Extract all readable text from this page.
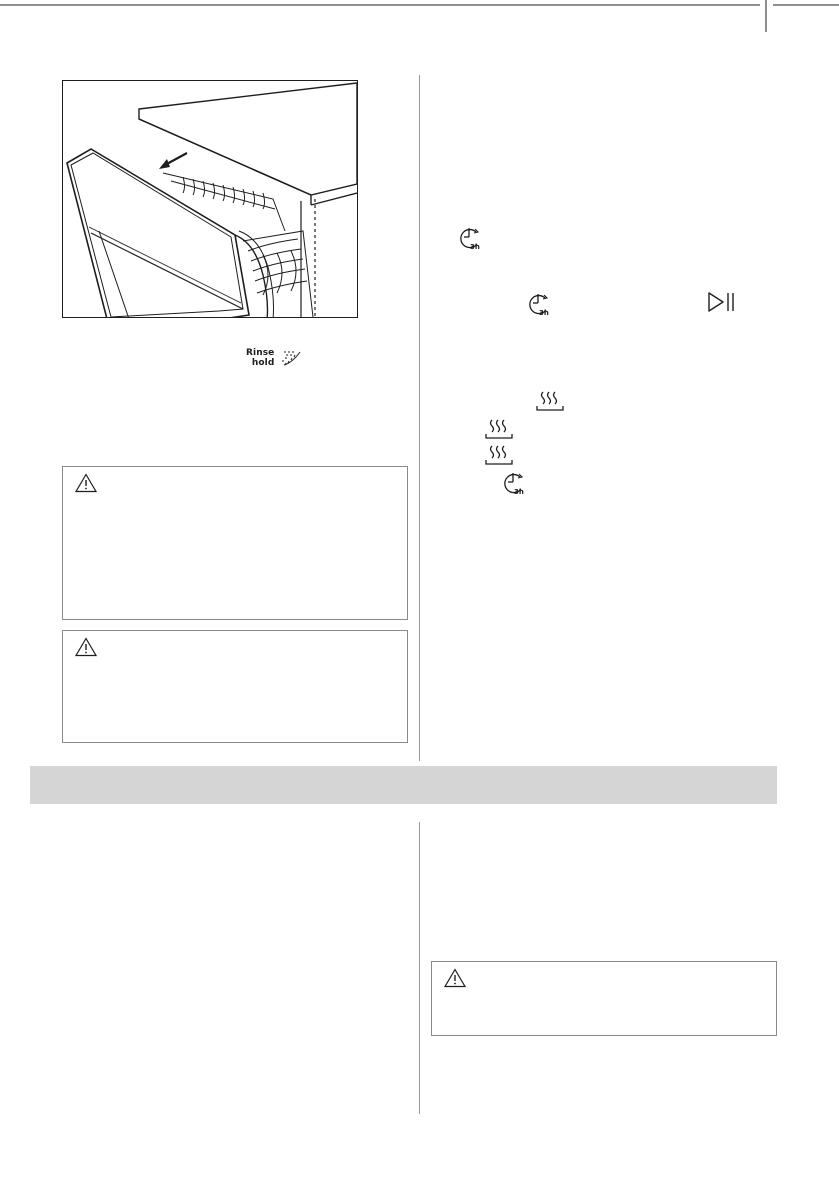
Rinse
hold
3h
3h
3h
